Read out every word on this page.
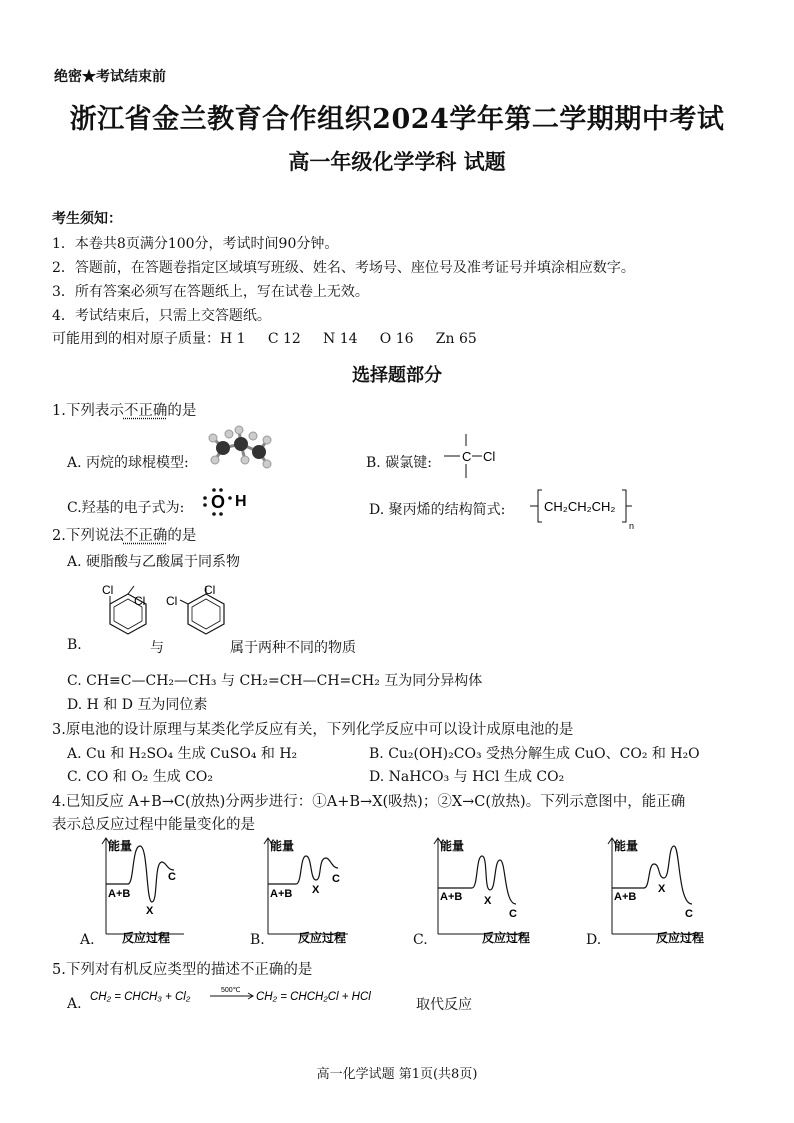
绝密★考试结束前
浙江省金兰教育合作组织2024学年第二学期期中考试
高一年级化学学科 试题
考生须知：
1．本卷共8页满分100分，考试时间90分钟。
2．答题前，在答题卷指定区域填写班级、姓名、考场号、座位号及准考证号并填涂相应数字。
3．所有答案必须写在答题纸上，写在试卷上无效。
4．考试结束后，只需上交答题纸。
可能用到的相对原子质量：H 1     C 12     N 14     O 16     Zn 65
选择题部分
1.下列表示不正确的是
A. 丙烷的球棍模型:	B. 碳氯键: C Cl
C.羟基的电子式为: O H	D. 聚丙烯的结构简式:	CH₂CH₂CH₂
n
2.下列说法不正确的是
A. 硬脂酸与乙酸属于同系物
B.
Cl
Cl
与
Cl
Cl
属于两种不同的物质
C. CH≡C—CH₂—CH₃ 与 CH₂=CH—CH=CH₂ 互为同分异构体
D. H 和 D 互为同位素
3.原电池的设计原理与某类化学反应有关，下列化学反应中可以设计成原电池的是
A. Cu 和 H₂SO₄ 生成 CuSO₄ 和 H₂	B. Cu₂(OH)₂CO₃ 受热分解生成 CuO、CO₂ 和 H₂O
C. CO 和 O₂ 生成 CO₂	D. NaHCO₃ 与 HCl 生成 CO₂
4.已知反应 A+B→C(放热)分两步进行：①A+B→X(吸热)；②X→C(放热)。下列示意图中，能正确
表示总反应过程中能量变化的是
能量
A+B
X
C
反应过程
A.
能量
A+B X
C
反应过程
B.
能量
A+B X
C
反应过程
C.
能量
A+B
X
C
反应过程
D.
5.下列对有机反应类型的描述不正确的是
A. CH₂ = CHCH₃ + Cl₂
500℃
CH₂ = CHCH₂Cl + HCl	取代反应
高一化学试题 第1页(共8页)
